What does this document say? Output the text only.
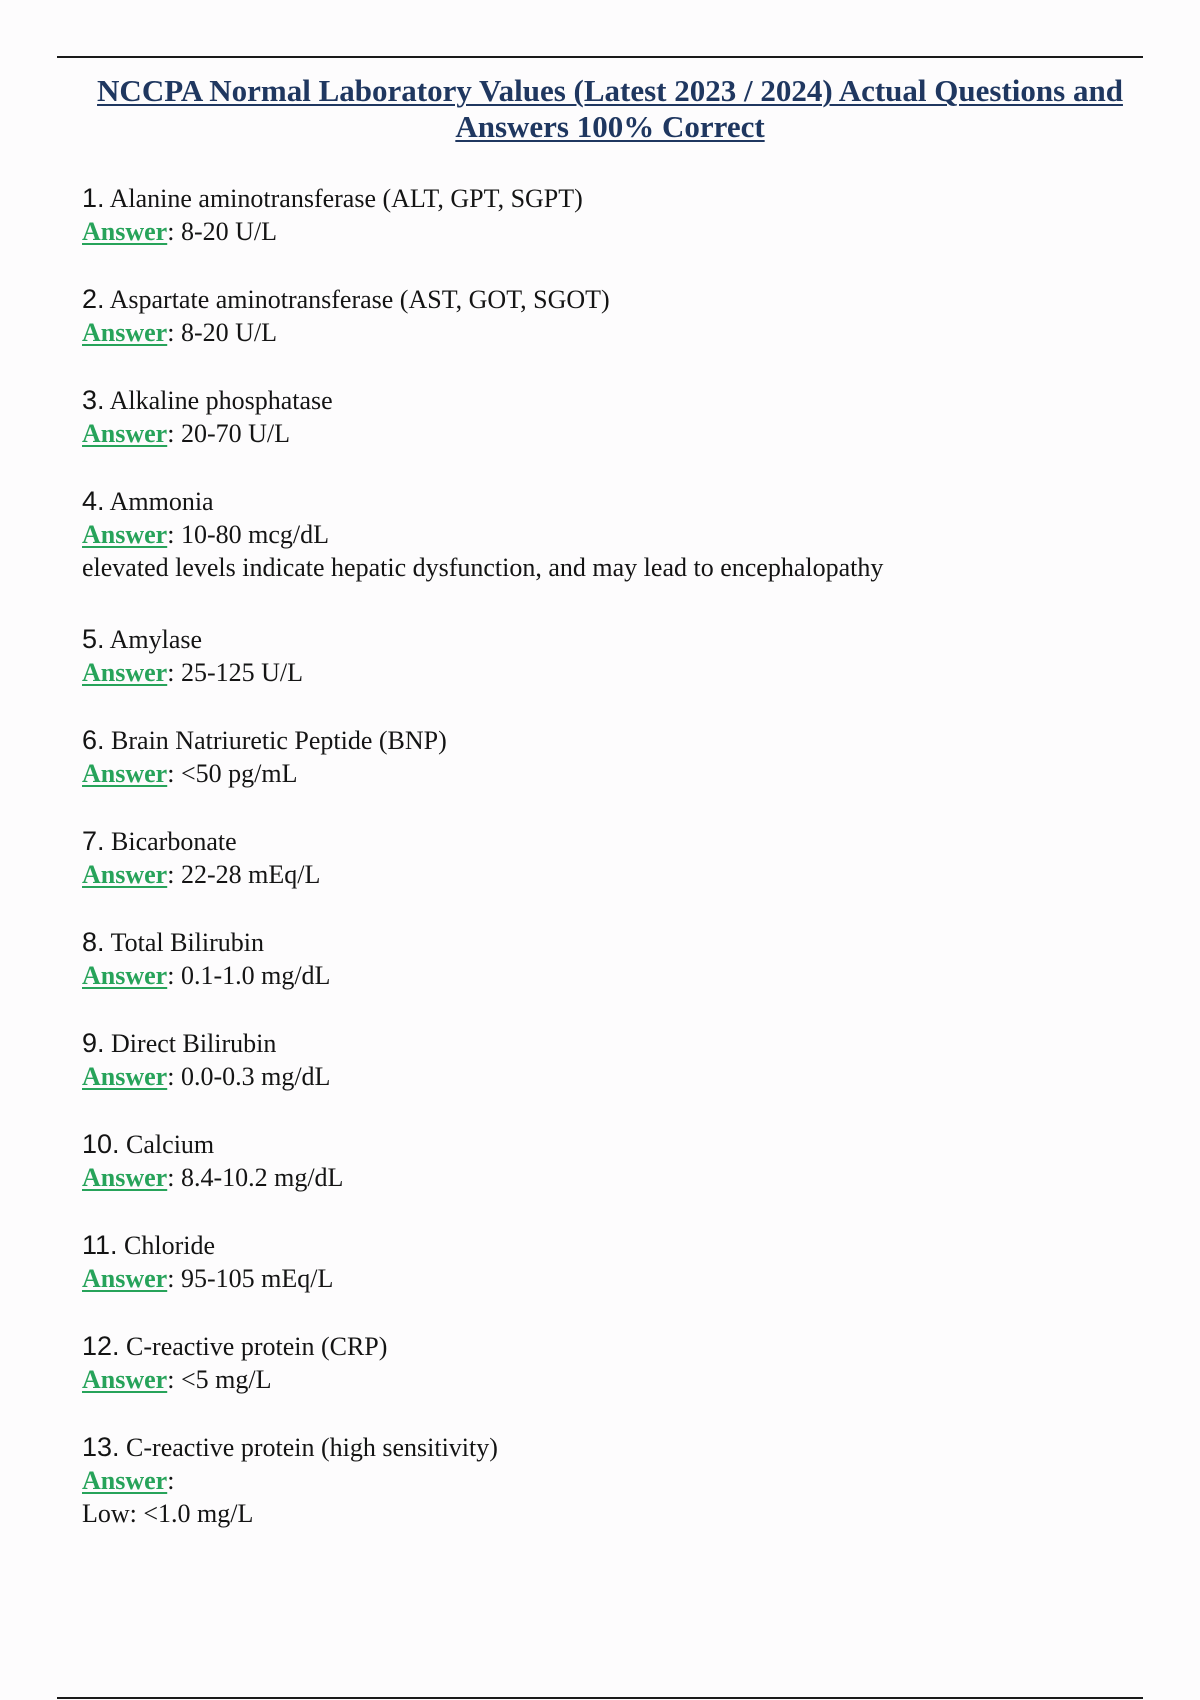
NCCPA Normal Laboratory Values (Latest 2023 / 2024) Actual Questions and Answers 100% Correct
1. Alanine aminotransferase (ALT, GPT, SGPT)
Answer: 8-20 U/L
2. Aspartate aminotransferase (AST, GOT, SGOT)
Answer: 8-20 U/L
3. Alkaline phosphatase
Answer: 20-70 U/L
4. Ammonia
Answer: 10-80 mcg/dL
elevated levels indicate hepatic dysfunction, and may lead to encephalopathy
5. Amylase
Answer: 25-125 U/L
6. Brain Natriuretic Peptide (BNP)
Answer: <50 pg/mL
7. Bicarbonate
Answer: 22-28 mEq/L
8. Total Bilirubin
Answer: 0.1-1.0 mg/dL
9. Direct Bilirubin
Answer: 0.0-0.3 mg/dL
10. Calcium
Answer: 8.4-10.2 mg/dL
11. Chloride
Answer: 95-105 mEq/L
12. C-reactive protein (CRP)
Answer: <5 mg/L
13. C-reactive protein (high sensitivity)
Answer:
Low: <1.0 mg/L
